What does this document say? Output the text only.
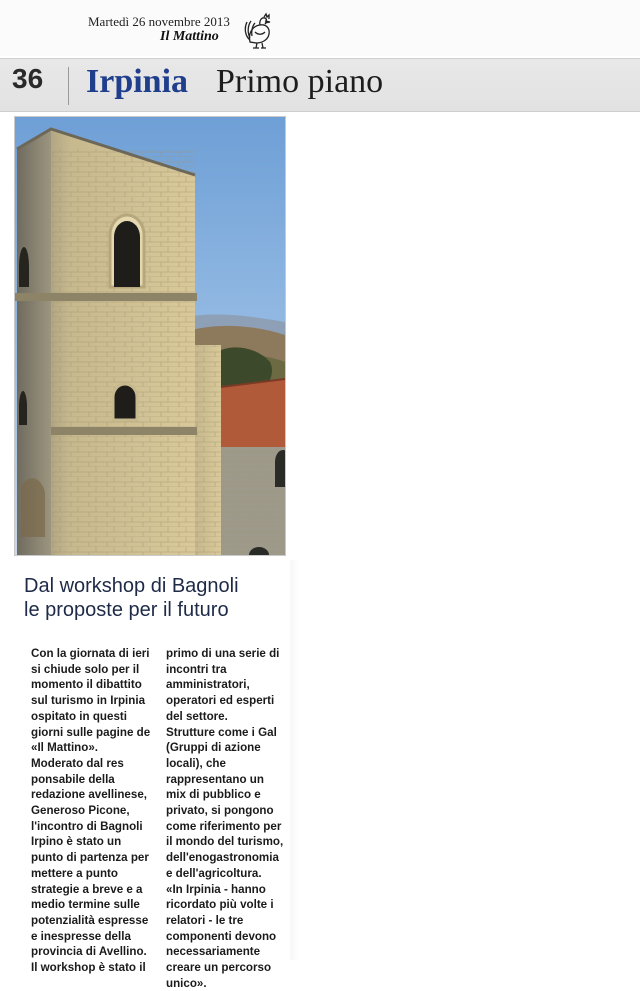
Martedì 26 novembre 2013
Il Mattino
36 Irpinia Primo piano
Dal workshop di Bagnoli
le proposte per il futuro
Con la giornata di ieri
si chiude solo per il
momento il dibattito
sul turismo in Irpinia
ospitato in questi
giorni sulle pagine de
«Il Mattino».
Moderato dal res
ponsabile della
redazione avellinese,
Generoso Picone,
l'incontro di Bagnoli
Irpino è stato un
punto di partenza per
mettere a punto
strategie a breve e a
medio termine sulle
potenzialità espresse
e inespresse della
provincia di Avellino.
Il workshop è stato il
primo di una serie di
incontri tra
amministratori,
operatori ed esperti
del settore.
Strutture come i Gal
(Gruppi di azione
locali), che
rappresentano un
mix di pubblico e
privato, si pongono
come riferimento per
il mondo del turismo,
dell'enogastronomia
e dell'agricoltura.
«In Irpinia - hanno
ricordato più volte i
relatori - le tre
componenti devono
necessariamente
creare un percorso
unico».
